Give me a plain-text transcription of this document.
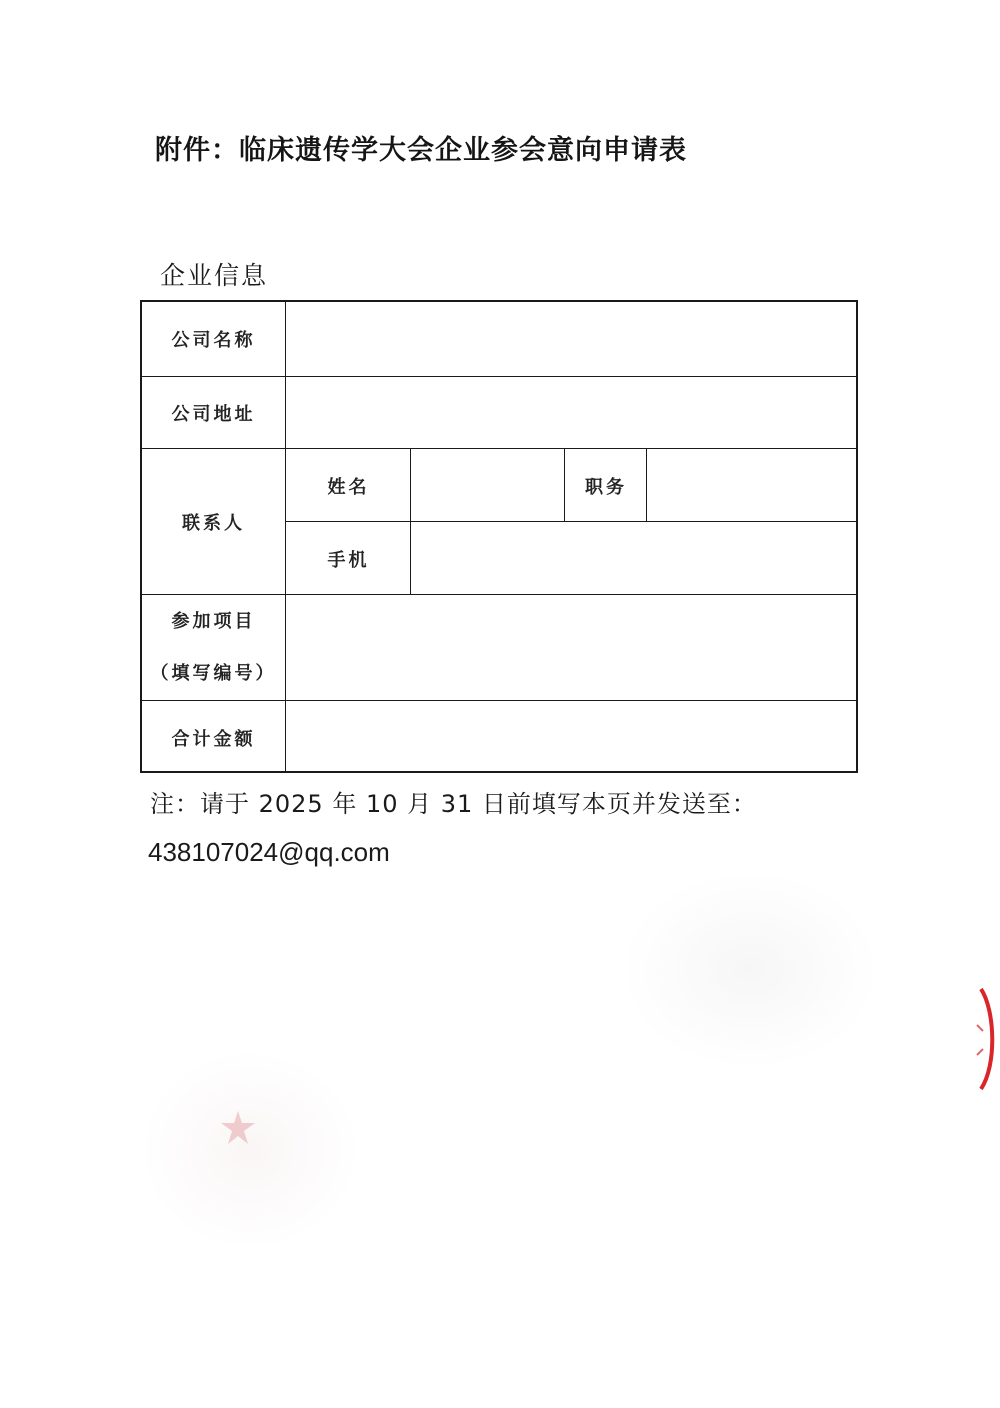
附件：临床遗传学大会企业参会意向申请表
企业信息
公司名称
公司地址
联系人
姓名	职务
手机
参加项目
（填写编号）
合计金额
注：请于 2025 年 10 月 31 日前填写本页并发送至：
438107024@qq.com
